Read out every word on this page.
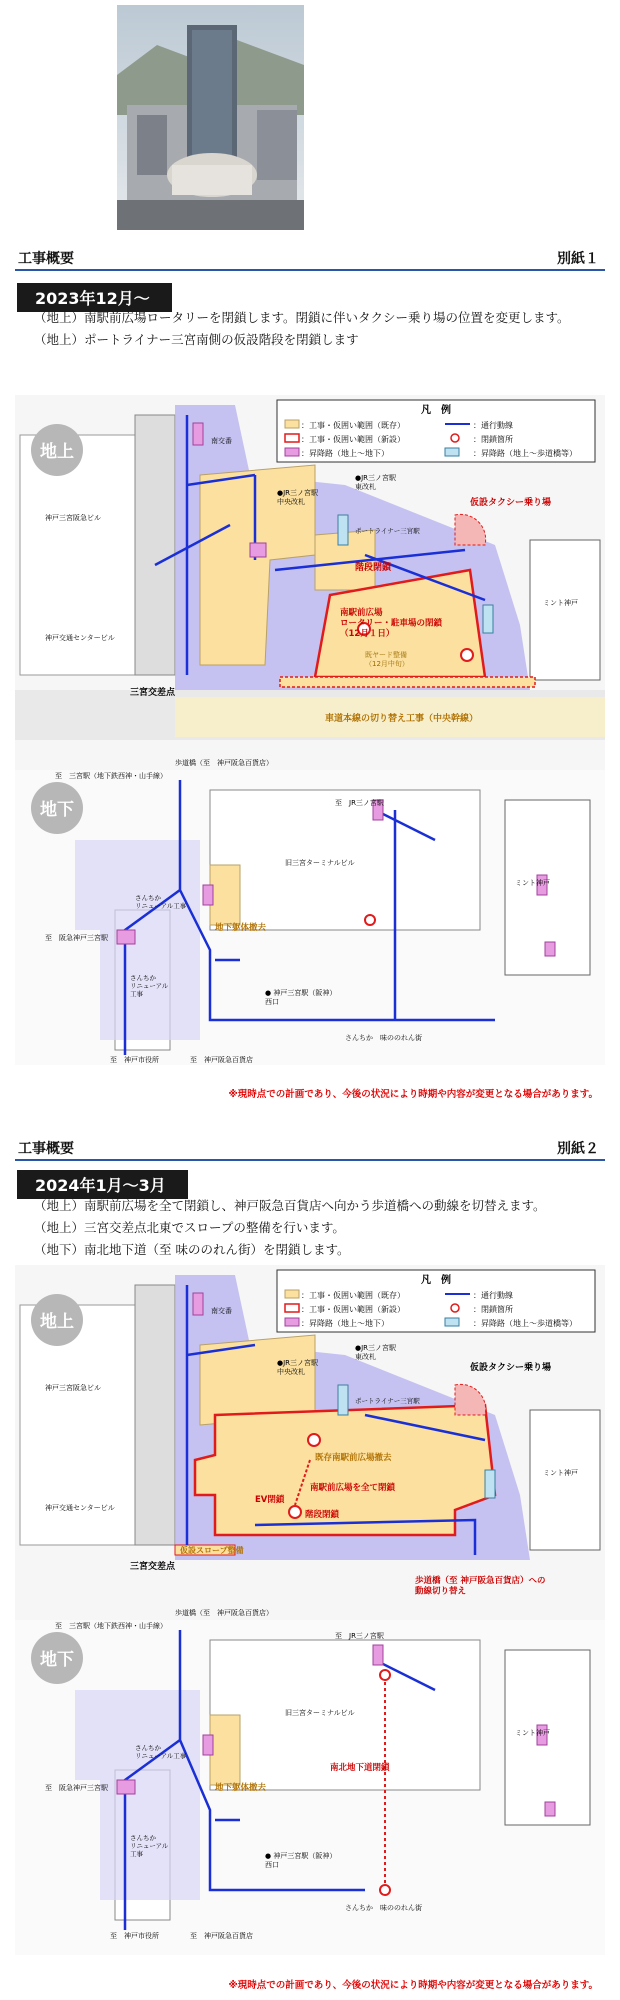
工事概要	別紙１
2023年12月～
（地上）南駅前広場ロータリーを閉鎖します。閉鎖に伴いタクシー乗り場の位置を変更します。
（地上）ポートライナー三宮南側の仮設階段を閉鎖します
地上
凡　例
：工事・仮囲い範囲（既存）	：通行動線
：工事・仮囲い範囲（新設）	：閉鎖箇所
：昇降路（地上～地下）	：昇降路（地上～歩道橋等）
南交番
●JR三ノ宮駅東改札
●JR三ノ宮駅中央改札
ポートライナー三宮駅
仮設タクシー乗り場
階段閉鎖
南駅前広場ロータリー・駐車場の閉鎖（12月１日）
神戸三宮阪急ビル
神戸交通センタービル
ミント神戸
既ヤード整備（12月中旬）
三宮交差点
車道本線の切り替え工事（中央幹線）
歩道橋（至　神戸阪急百貨店）
地下
至　三宮駅（地下鉄西神・山手線）
至　JR三ノ宮駅
旧三宮ターミナルビル
ミント神戸
さんちかリニューアル工事
地下躯体撤去
至　阪急神戸三宮駅
さんちかリニューアル工事	● 神戸三宮駅（阪神）西口
至　神戸市役所	至　神戸阪急百貨店
さんちか　味ののれん街
※現時点での計画であり、今後の状況により時期や内容が変更となる場合があります。
工事概要	別紙２
2024年1月～3月
（地上）南駅前広場を全て閉鎖し、神戸阪急百貨店へ向かう歩道橋への動線を切替えます。
（地上）三宮交差点北東でスロープの整備を行います。
（地下）南北地下道（至 味ののれん街）を閉鎖します。
地上
凡　例
：工事・仮囲い範囲（既存）	：通行動線
：工事・仮囲い範囲（新設）	：閉鎖箇所
：昇降路（地上～地下）	：昇降路（地上～歩道橋等）
南交番
●JR三ノ宮駅東改札
●JR三ノ宮駅中央改札
ポートライナー三宮駅
仮設タクシー乗り場
既存南駅前広場撤去
南駅前広場を全て閉鎖
EV閉鎖
階段閉鎖
神戸三宮阪急ビル
神戸交通センタービル
ミント神戸
仮設スロープ整備
三宮交差点
歩道橋（至 神戸阪急百貨店）への動線切り替え
歩道橋（至　神戸阪急百貨店）
地下
至　三宮駅（地下鉄西神・山手線）
至　JR三ノ宮駅
旧三宮ターミナルビル
ミント神戸
さんちかリニューアル工事
地下躯体撤去
南北地下道閉鎖
至　阪急神戸三宮駅
さんちかリニューアル工事	● 神戸三宮駅（阪神）西口
至　神戸市役所	至　神戸阪急百貨店
さんちか　味ののれん街
※現時点での計画であり、今後の状況により時期や内容が変更となる場合があります。
